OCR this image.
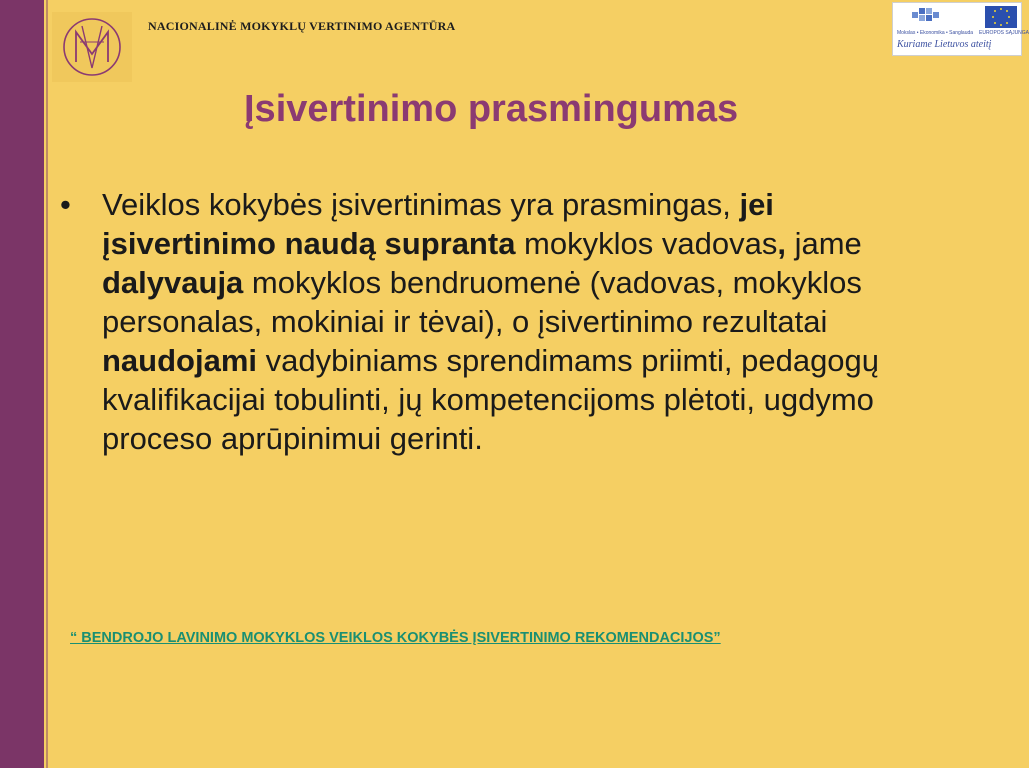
NACIONALINĖ MOKYKLŲ VERTINIMO AGENTŪRA	Mokslas • Ekonomika • Sanglauda EUROPOS SĄJUNGA
Kuriame Lietuvos ateitį
Įsivertinimo prasmingumas
•	Veiklos kokybės įsivertinimas yra prasmingas, jei įsivertinimo naudą supranta mokyklos vadovas, jame dalyvauja mokyklos bendruomenė (vadovas, mokyklos personalas, mokiniai ir tėvai), o įsivertinimo rezultatai naudojami vadybiniams sprendimams priimti, pedagogų kvalifikacijai tobulinti, jų kompetencijoms plėtoti, ugdymo proceso aprūpinimui gerinti.
“ BENDROJO LAVINIMO MOKYKLOS VEIKLOS KOKYBĖS ĮSIVERTINIMO REKOMENDACIJOS”
